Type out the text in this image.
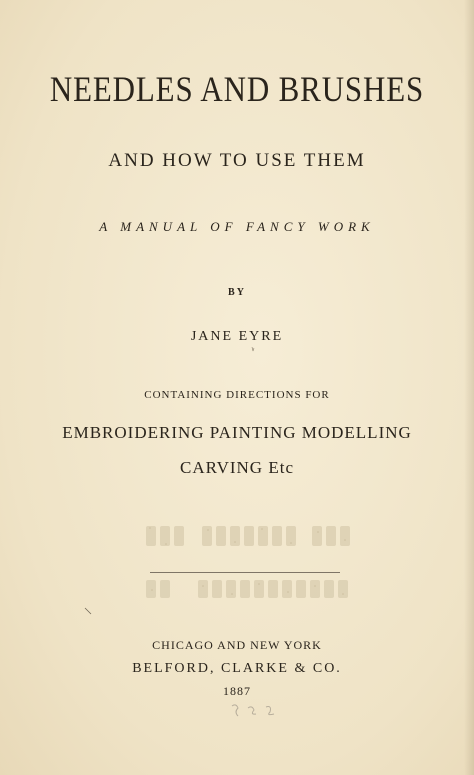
NEEDLES AND BRUSHES
AND HOW TO USE THEM
A MANUAL OF FANCY WORK
BY
JANE EYRE
CONTAINING DIRECTIONS FOR
EMBROIDERING PAINTING MODELLING
CARVING Etc
CHICAGO AND NEW YORK
BELFORD, CLARKE & CO.
1887
